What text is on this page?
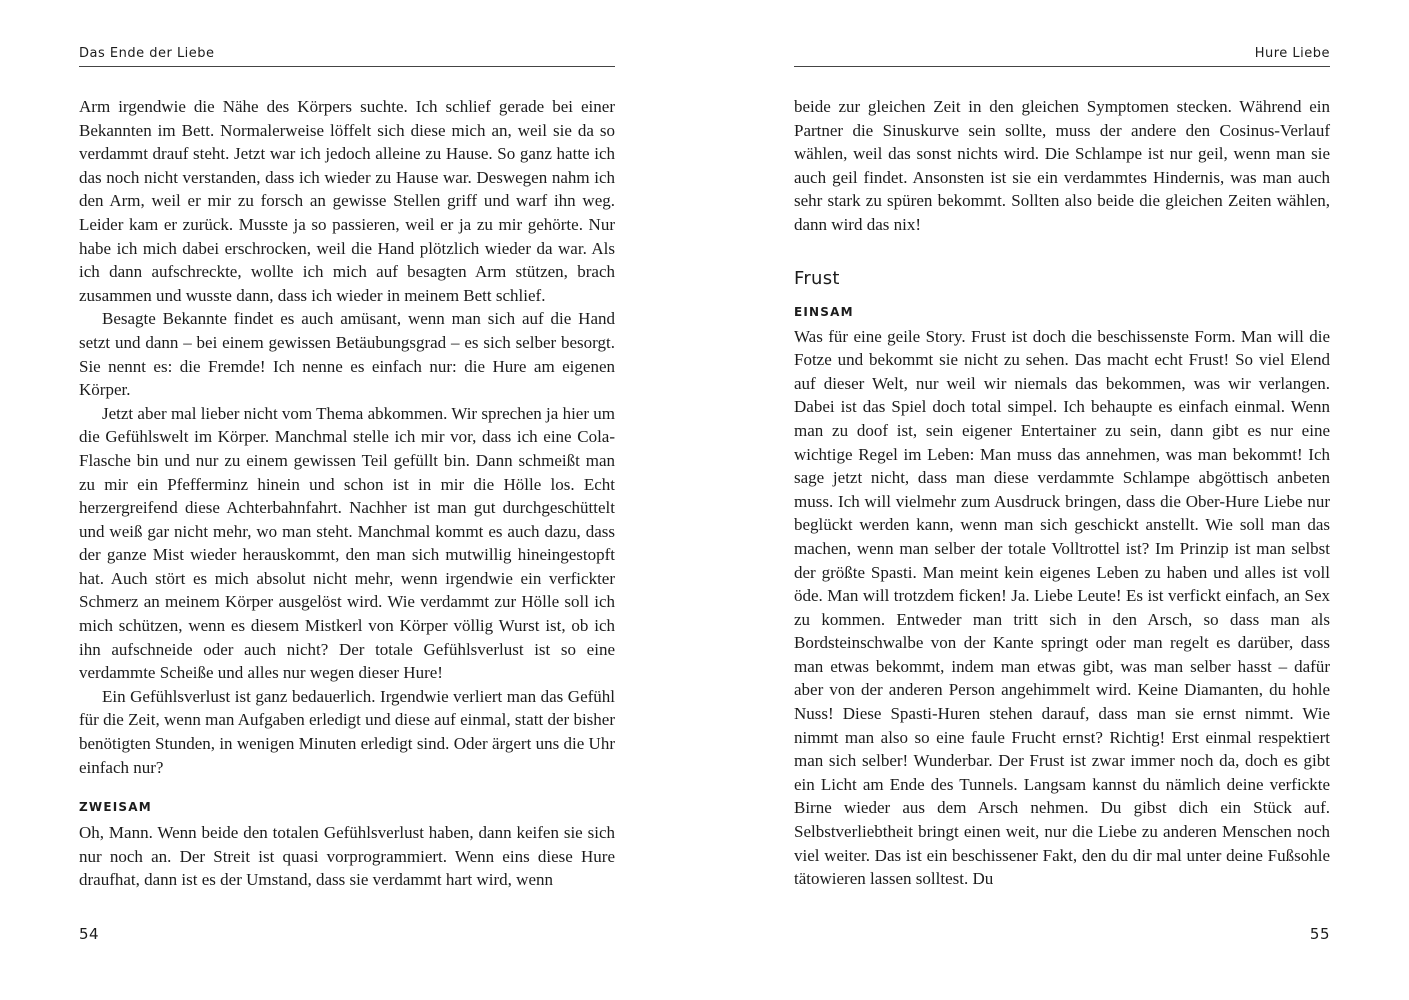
Das Ende der Liebe

Arm irgendwie die Nähe des Körpers suchte. Ich schlief gerade bei einer Bekannten im Bett. Normalerweise löffelt sich diese mich an, weil sie da so verdammt drauf steht. Jetzt war ich jedoch alleine zu Hause. So ganz hatte ich das noch nicht verstanden, dass ich wieder zu Hause war. Deswegen nahm ich den Arm, weil er mir zu forsch an gewisse Stellen griff und warf ihn weg. Leider kam er zurück. Musste ja so passieren, weil er ja zu mir gehörte. Nur habe ich mich dabei erschrocken, weil die Hand plötzlich wieder da war. Als ich dann aufschreckte, wollte ich mich auf besagten Arm stützen, brach zusammen und wusste dann, dass ich wieder in meinem Bett schlief.

Besagte Bekannte findet es auch amüsant, wenn man sich auf die Hand setzt und dann – bei einem gewissen Betäubungsgrad – es sich selber besorgt. Sie nennt es: die Fremde! Ich nenne es einfach nur: die Hure am eigenen Körper.

Jetzt aber mal lieber nicht vom Thema abkommen. Wir sprechen ja hier um die Gefühlswelt im Körper. Manchmal stelle ich mir vor, dass ich eine Cola-Flasche bin und nur zu einem gewissen Teil gefüllt bin. Dann schmeißt man zu mir ein Pfefferminz hinein und schon ist in mir die Hölle los. Echt herzergreifend diese Achterbahnfahrt. Nachher ist man gut durchgeschüttelt und weiß gar nicht mehr, wo man steht. Manchmal kommt es auch dazu, dass der ganze Mist wieder herauskommt, den man sich mutwillig hineingestopft hat. Auch stört es mich absolut nicht mehr, wenn irgendwie ein verfickter Schmerz an meinem Körper ausgelöst wird. Wie verdammt zur Hölle soll ich mich schützen, wenn es diesem Mistkerl von Körper völlig Wurst ist, ob ich ihn aufschneide oder auch nicht? Der totale Gefühlsverlust ist so eine verdammte Scheiße und alles nur wegen dieser Hure!

Ein Gefühlsverlust ist ganz bedauerlich. Irgendwie verliert man das Gefühl für die Zeit, wenn man Aufgaben erledigt und diese auf einmal, statt der bisher benötigten Stunden, in wenigen Minuten erledigt sind. Oder ärgert uns die Uhr einfach nur?

ZWEISAM

Oh, Mann. Wenn beide den totalen Gefühlsverlust haben, dann keifen sie sich nur noch an. Der Streit ist quasi vorprogrammiert. Wenn eins diese Hure draufhat, dann ist es der Umstand, dass sie verdammt hart wird, wenn

54
Hure Liebe

beide zur gleichen Zeit in den gleichen Symptomen stecken. Während ein Partner die Sinuskurve sein sollte, muss der andere den Cosinus-Verlauf wählen, weil das sonst nichts wird. Die Schlampe ist nur geil, wenn man sie auch geil findet. Ansonsten ist sie ein verdammtes Hindernis, was man auch sehr stark zu spüren bekommt. Sollten also beide die gleichen Zeiten wählen, dann wird das nix!

Frust
EINSAM

Was für eine geile Story. Frust ist doch die beschissenste Form. Man will die Fotze und bekommt sie nicht zu sehen. Das macht echt Frust! So viel Elend auf dieser Welt, nur weil wir niemals das bekommen, was wir verlangen. Dabei ist das Spiel doch total simpel. Ich behaupte es einfach einmal. Wenn man zu doof ist, sein eigener Entertainer zu sein, dann gibt es nur eine wichtige Regel im Leben: Man muss das annehmen, was man bekommt! Ich sage jetzt nicht, dass man diese verdammte Schlampe abgöttisch anbeten muss. Ich will vielmehr zum Ausdruck bringen, dass die Ober-Hure Liebe nur beglückt werden kann, wenn man sich geschickt anstellt. Wie soll man das machen, wenn man selber der totale Volltrottel ist? Im Prinzip ist man selbst der größte Spasti. Man meint kein eigenes Leben zu haben und alles ist voll öde. Man will trotzdem ficken! Ja. Liebe Leute! Es ist verfickt einfach, an Sex zu kommen. Entweder man tritt sich in den Arsch, so dass man als Bordsteinschwalbe von der Kante springt oder man regelt es darüber, dass man etwas bekommt, indem man etwas gibt, was man selber hasst – dafür aber von der anderen Person angehimmelt wird. Keine Diamanten, du hohle Nuss! Diese Spasti-Huren stehen darauf, dass man sie ernst nimmt. Wie nimmt man also so eine faule Frucht ernst? Richtig! Erst einmal respektiert man sich selber! Wunderbar. Der Frust ist zwar immer noch da, doch es gibt ein Licht am Ende des Tunnels. Langsam kannst du nämlich deine verfickte Birne wieder aus dem Arsch nehmen. Du gibst dich ein Stück auf. Selbstverliebtheit bringt einen weit, nur die Liebe zu anderen Menschen noch viel weiter. Das ist ein beschissener Fakt, den du dir mal unter deine Fußsohle tätowieren lassen solltest. Du

55
